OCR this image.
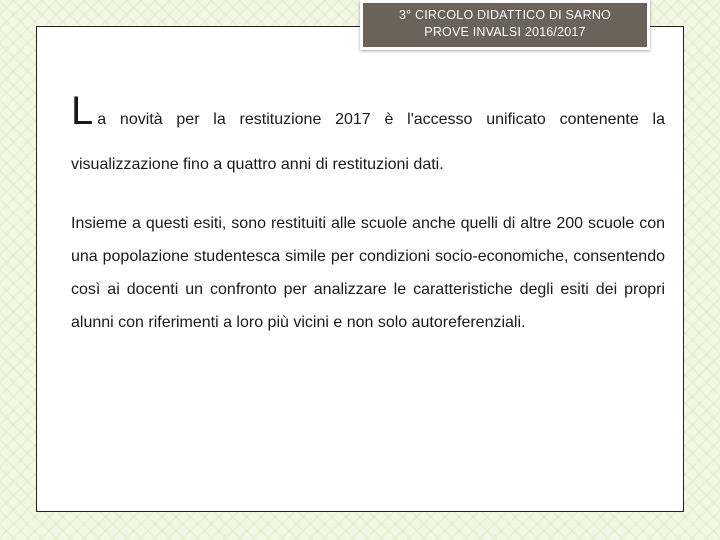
3° CIRCOLO DIDATTICO DI SARNO
PROVE INVALSI 2016/2017

La novità per la restituzione 2017 è l'accesso unificato contenente la visualizzazione fino a quattro anni di restituzioni dati.

Insieme a questi esiti, sono restituiti alle scuole anche quelli di altre 200 scuole con una popolazione studentesca simile per condizioni socio-economiche, consentendo così ai docenti un confronto per analizzare le caratteristiche degli esiti dei propri alunni con riferimenti a loro più vicini e non solo autoreferenziali.
